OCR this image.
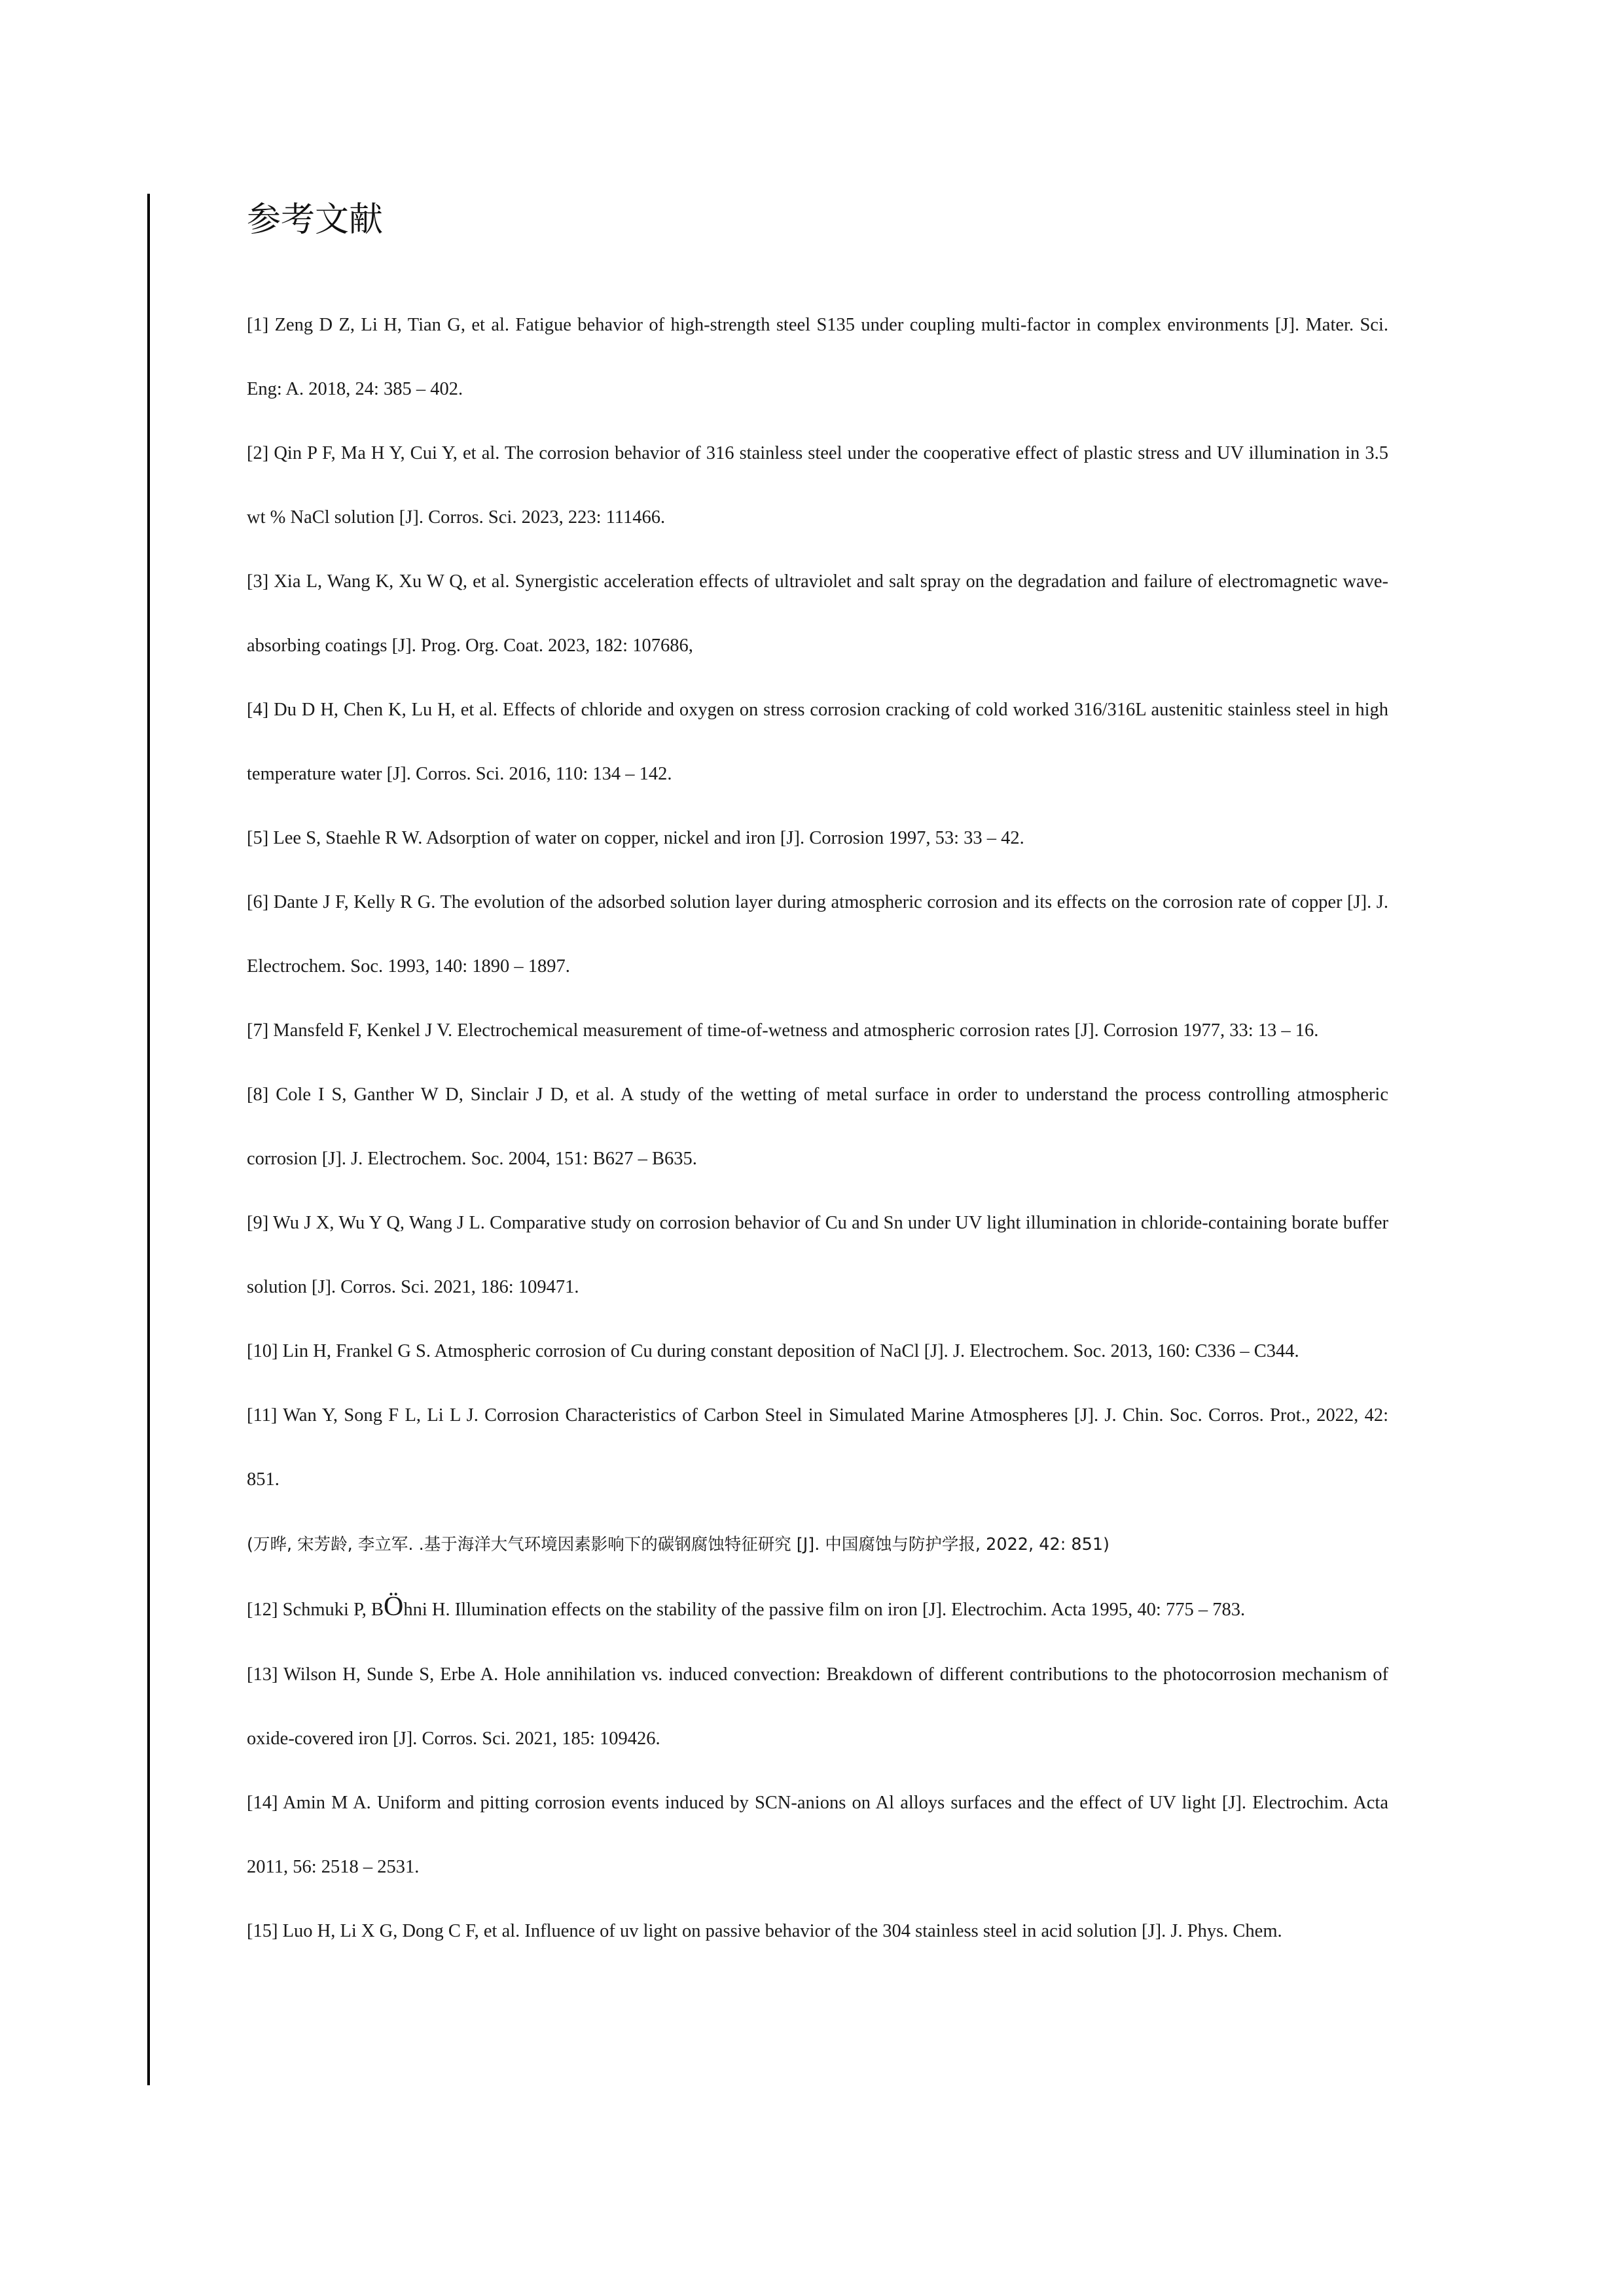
参考文献
[1] Zeng D Z, Li H, Tian G, et al. Fatigue behavior of high-strength steel S135 under coupling multi-factor in complex environments [J]. Mater. Sci. Eng: A. 2018, 24: 385 – 402.
[2] Qin P F, Ma H Y, Cui Y, et al. The corrosion behavior of 316 stainless steel under the cooperative effect of plastic stress and UV illumination in 3.5 wt % NaCl solution [J]. Corros. Sci. 2023, 223: 111466.
[3] Xia L, Wang K, Xu W Q, et al. Synergistic acceleration effects of ultraviolet and salt spray on the degradation and failure of electromagnetic wave-absorbing coatings [J]. Prog. Org. Coat. 2023, 182: 107686,
[4] Du D H, Chen K, Lu H, et al. Effects of chloride and oxygen on stress corrosion cracking of cold worked 316/316L austenitic stainless steel in high temperature water [J]. Corros. Sci. 2016, 110: 134 – 142.
[5] Lee S, Staehle R W. Adsorption of water on copper, nickel and iron [J]. Corrosion 1997, 53: 33 – 42.
[6] Dante J F, Kelly R G. The evolution of the adsorbed solution layer during atmospheric corrosion and its effects on the corrosion rate of copper [J]. J. Electrochem. Soc. 1993, 140: 1890 – 1897.
[7] Mansfeld F, Kenkel J V. Electrochemical measurement of time-of-wetness and atmospheric corrosion rates [J]. Corrosion 1977, 33: 13 – 16.
[8] Cole I S, Ganther W D, Sinclair J D, et al. A study of the wetting of metal surface in order to understand the process controlling atmospheric corrosion [J]. J. Electrochem. Soc. 2004, 151: B627 – B635.
[9] Wu J X, Wu Y Q, Wang J L. Comparative study on corrosion behavior of Cu and Sn under UV light illumination in chloride-containing borate buffer solution [J]. Corros. Sci. 2021, 186: 109471.
[10] Lin H, Frankel G S. Atmospheric corrosion of Cu during constant deposition of NaCl [J]. J. Electrochem. Soc. 2013, 160: C336 – C344.
[11] Wan Y, Song F L, Li L J. Corrosion Characteristics of Carbon Steel in Simulated Marine Atmospheres [J]. J. Chin. Soc. Corros. Prot., 2022, 42: 851.
(万晔, 宋芳龄, 李立军. .基于海洋大气环境因素影响下的碳钢腐蚀特征研究 [J]. 中国腐蚀与防护学报, 2022, 42: 851)
[12] Schmuki P, BÖhni H. Illumination effects on the stability of the passive film on iron [J]. Electrochim. Acta 1995, 40: 775 – 783.
[13] Wilson H, Sunde S, Erbe A. Hole annihilation vs. induced convection: Breakdown of different contributions to the photocorrosion mechanism of oxide-covered iron [J]. Corros. Sci. 2021, 185: 109426.
[14] Amin M A. Uniform and pitting corrosion events induced by SCN-anions on Al alloys surfaces and the effect of UV light [J]. Electrochim. Acta 2011, 56: 2518 – 2531.
[15] Luo H, Li X G, Dong C F, et al. Influence of uv light on passive behavior of the 304 stainless steel in acid solution [J]. J. Phys. Chem.
